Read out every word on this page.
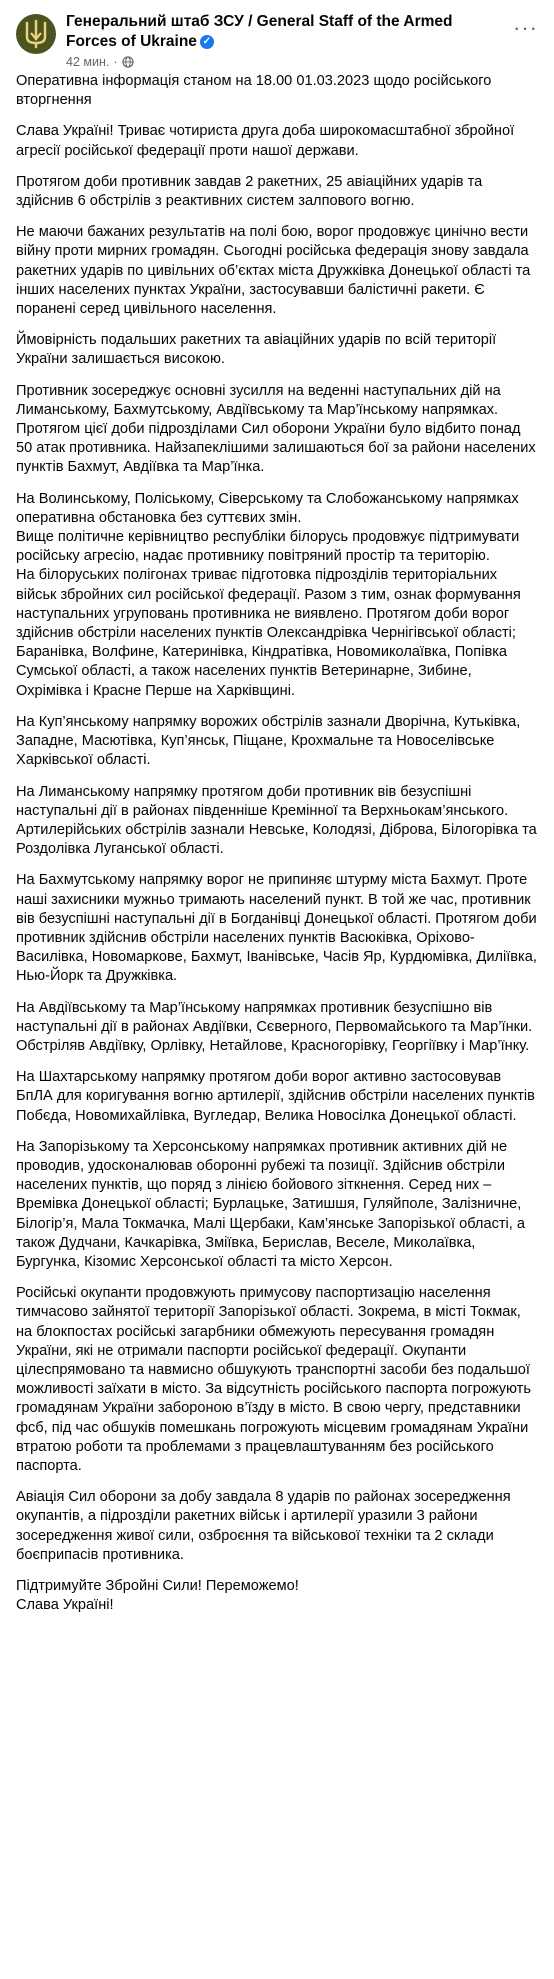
Генеральний штаб ЗСУ / General Staff of the Armed Forces of Ukraine ✓
42 мин. ·
···

Оперативна інформація станом на 18.00 01.03.2023 щодо російського вторгнення

Слава Україні! Триває чотириста друга доба широкомасштабної збройної агресії російської федерації проти нашої держави.

Протягом доби противник завдав 2 ракетних, 25 авіаційних ударів та здійснив 6 обстрілів з реактивних систем залпового вогню.

Не маючи бажаних результатів на полі бою, ворог продовжує цинічно вести війну проти мирних громадян. Сьогодні російська федерація знову завдала ракетних ударів по цивільних об’єктах міста Дружківка Донецької області та інших населених пунктах України, застосувавши балістичні ракети. Є поранені серед цивільного населення.

Ймовірність подальших ракетних та авіаційних ударів по всій території України залишається високою.

Противник зосереджує основні зусилля на веденні наступальних дій на Лиманському, Бахмутському, Авдіївському та Мар’їнському напрямках. Протягом цієї доби підрозділами Сил оборони України було відбито понад 50 атак противника. Найзапеклішими залишаються бої за райони населених пунктів Бахмут, Авдіївка та Мар’їнка.

На Волинському, Поліському, Сіверському та Слобожанському напрямках оперативна обстановка без суттєвих змін.
Вище політичне керівництво республіки білорусь продовжує підтримувати російську агресію, надає противнику повітряний простір та територію.
На білоруських полігонах триває підготовка підрозділів територіальних військ збройних сил російської федерації. Разом з тим, ознак формування наступальних угруповань противника не виявлено. Протягом доби ворог здійснив обстріли населених пунктів Олександрівка Чернігівської області; Баранівка, Волфине, Катеринівка, Кіндратівка, Новомиколаївка, Попівка Сумської області, а також населених пунктів Ветеринарне, Зибине, Охрімівка і Красне Перше на Харківщині.

На Куп’янському напрямку ворожих обстрілів зазнали Дворічна, Кутьківка, Западне, Масютівка, Куп’янськ, Піщане, Крохмальне та Новоселівське Харківської області.

На Лиманському напрямку протягом доби противник вів безуспішні наступальні дії в районах південніше Кремінної та Верхньокам’янського. Артилерійських обстрілів зазнали Невське, Колодязі, Діброва, Білогорівка та Роздолівка Луганської області.

На Бахмутському напрямку ворог не припиняє штурму міста Бахмут. Проте наші захисники мужньо тримають населений пункт. В той же час, противник вів безуспішні наступальні дії в Богданівці Донецької області. Протягом доби противник здійснив обстріли населених пунктів Васюківка, Оріхово-Василівка, Новомаркове, Бахмут, Іванівське, Часів Яр, Курдюмівка, Диліївка, Нью-Йорк та Дружківка.

На Авдіївському та Мар’їнському напрямках противник безуспішно вів наступальні дії в районах Авдіївки, Сєверного, Первомайського та Мар’їнки. Обстріляв Авдіївку, Орлівку, Нетайлове, Красногорівку, Георгіївку і Мар’їнку.

На Шахтарському напрямку протягом доби ворог активно застосовував БпЛА для коригування вогню артилерії, здійснив обстріли населених пунктів Побєда, Новомихайлівка, Вугледар, Велика Новосілка Донецької області.

На Запорізькому та Херсонському напрямках противник активних дій не проводив, удосконалював оборонні рубежі та позиції. Здійснив обстріли населених пунктів, що поряд з лінією бойового зіткнення. Серед них – Времівка Донецької області; Бурлацьке, Затишшя, Гуляйполе, Залізничне, Білогір’я, Мала Токмачка, Малі Щербаки, Кам’янське Запорізької області, а також Дудчани, Качкарівка, Змiївка, Берислав, Веселе, Миколаївка, Бургунка, Кізомис Херсонської області та місто Херсон.

Російські окупанти продовжують примусову паспортизацію населення тимчасово зайнятої території Запорізької області. Зокрема, в місті Токмак, на блокпостах російські загарбники обмежують пересування громадян України, які не отримали паспорти російської федерації. Окупанти цілеспрямовано та навмисно обшукують транспортні засоби без подальшої можливості заїхати в місто. За відсутність російського паспорта погрожують громадянам України забороною в’їзду в місто. В свою чергу, представники фсб, під час обшуків помешкань погрожують місцевим громадянам України втратою роботи та проблемами з працевлаштуванням без російського паспорта.

Авіація Сил оборони за добу завдала 8 ударів по районах зосередження окупантів, а підрозділи ракетних військ і артилерії уразили 3 райони зосередження живої сили, озброєння та військової техніки та 2 склади боєприпасів противника.

Підтримуйте Збройні Сили! Переможемо!
Слава Україні!
